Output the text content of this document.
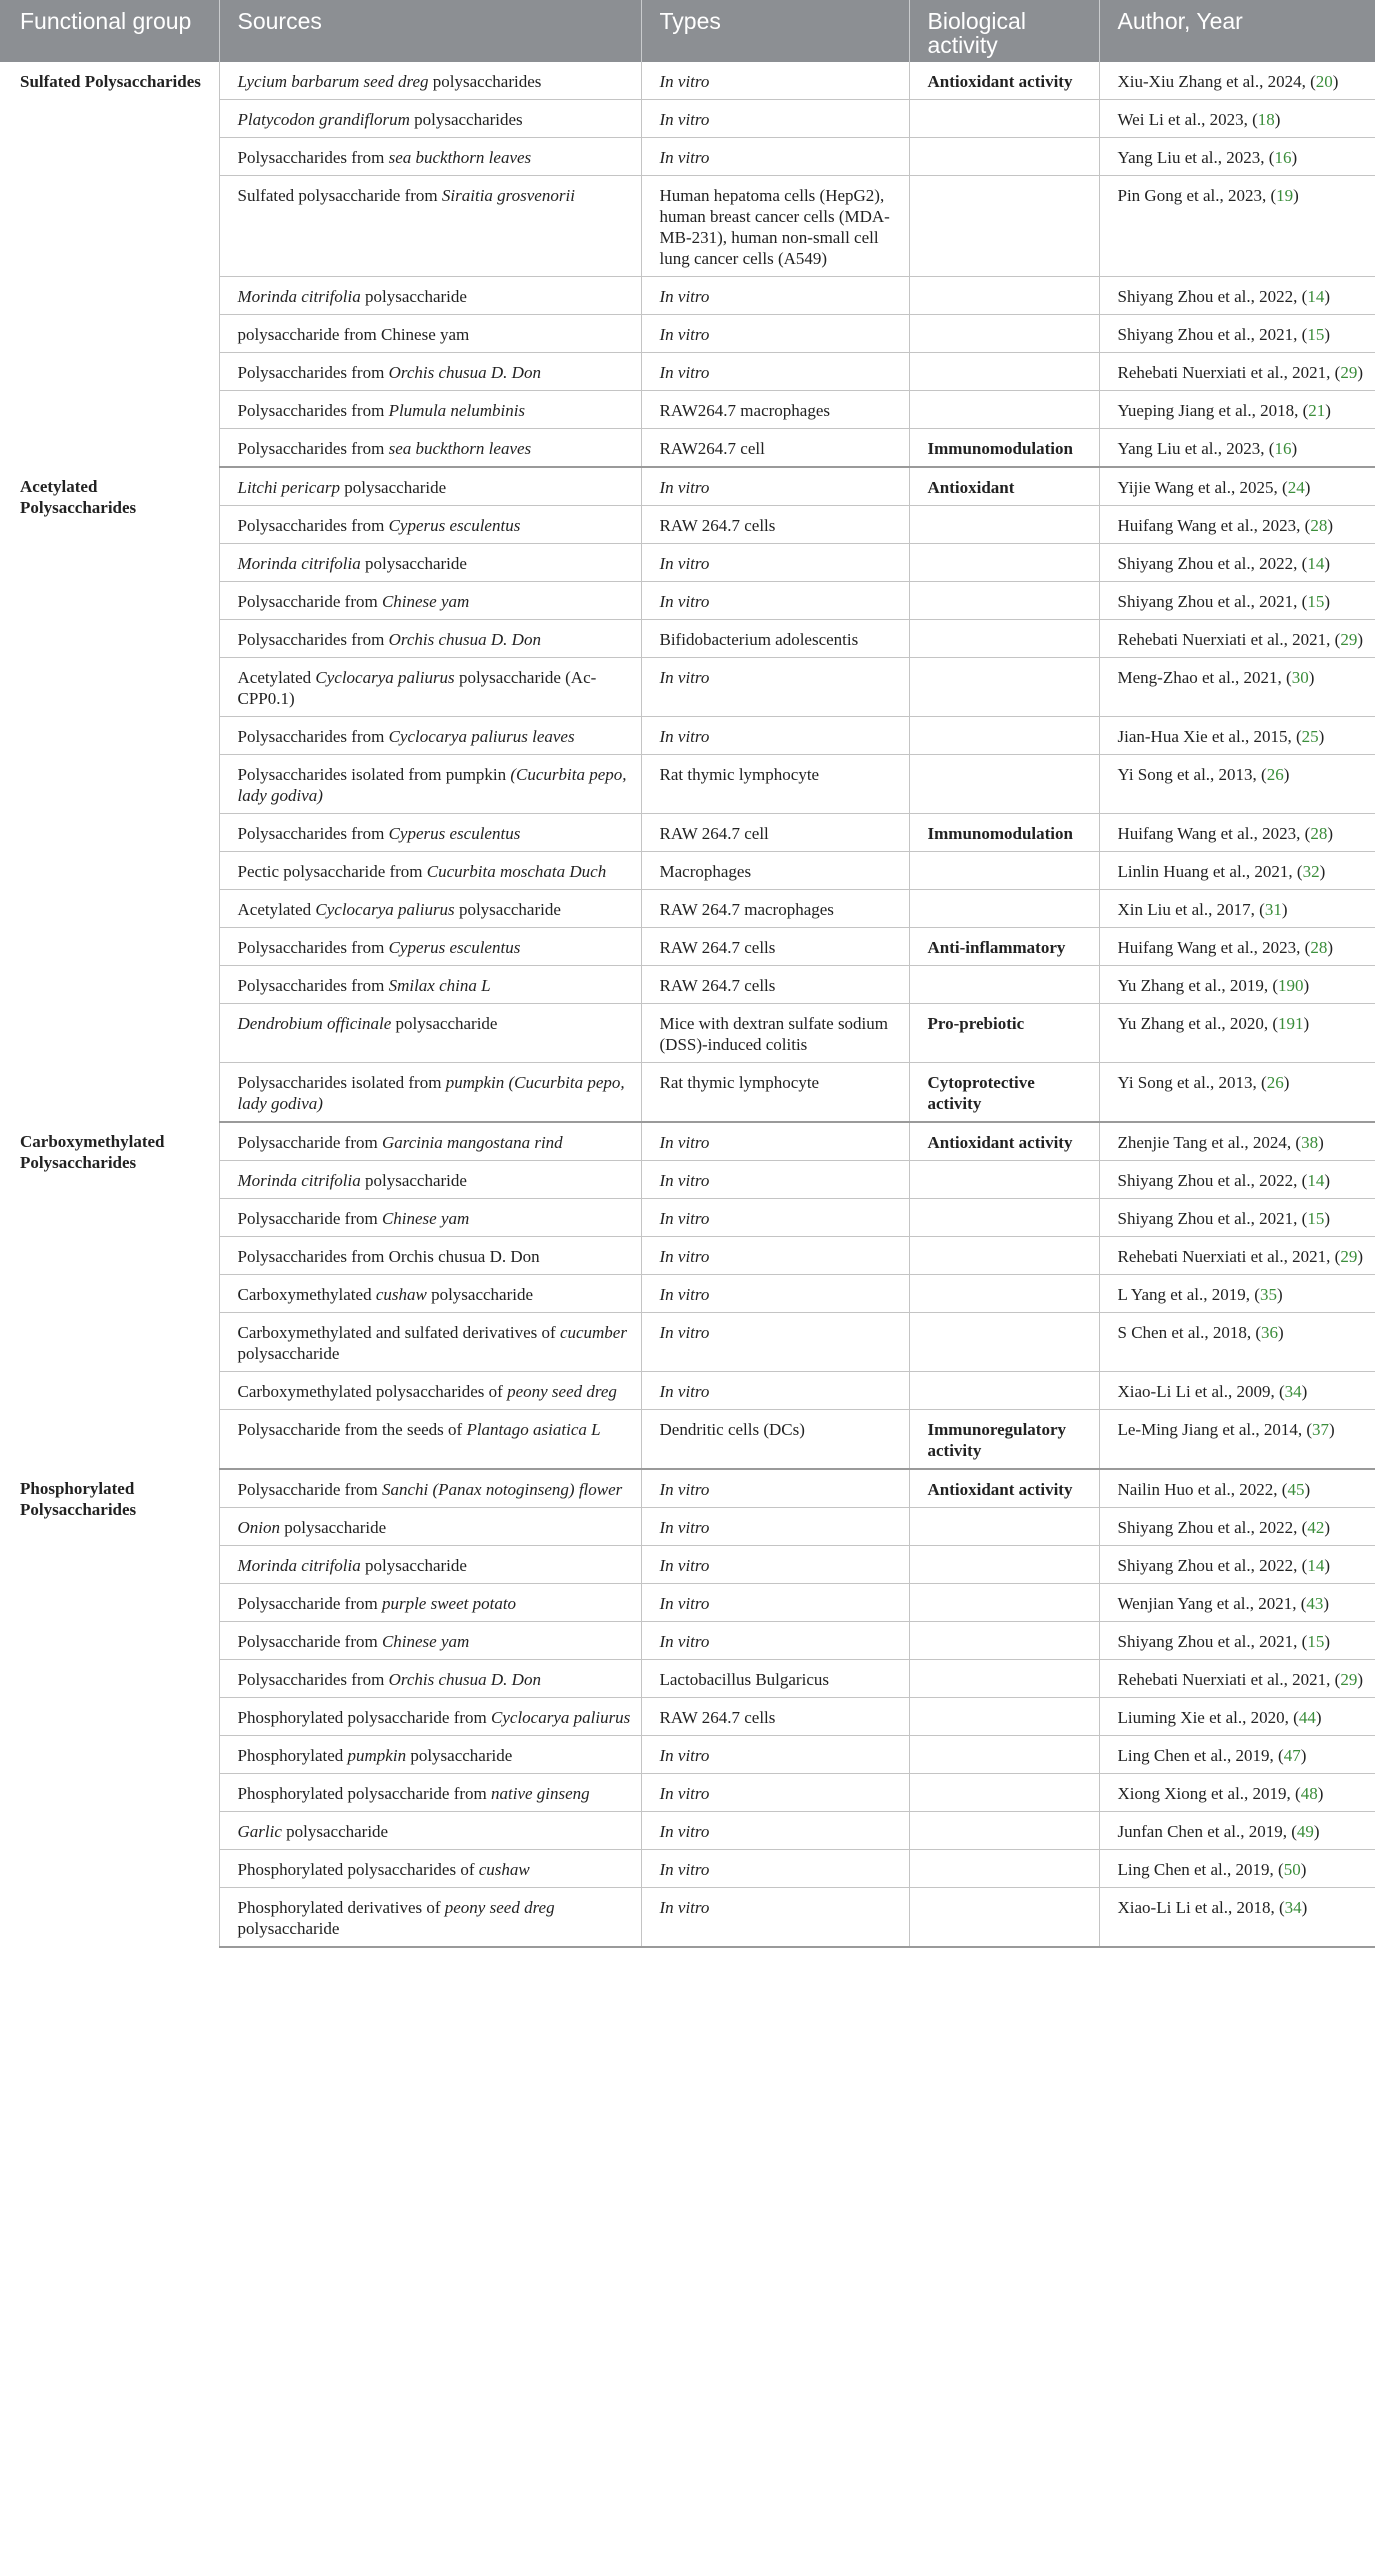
Functional group	Sources	Types	Biological activity	Author, Year
Sulfated Polysaccharides	Lycium barbarum seed dreg polysaccharides	In vitro	Antioxidant activity	Xiu-Xiu Zhang et al., 2024, (20)
	Platycodon grandiflorum polysaccharides	In vitro		Wei Li et al., 2023, (18)
	Polysaccharides from sea buckthorn leaves	In vitro		Yang Liu et al., 2023, (16)
	Sulfated polysaccharide from Siraitia grosvenorii	Human hepatoma cells (HepG2), human breast cancer cells (MDA-MB-231), human non-small cell lung cancer cells (A549)		Pin Gong et al., 2023, (19)
	Morinda citrifolia polysaccharide	In vitro		Shiyang Zhou et al., 2022, (14)
	polysaccharide from Chinese yam	In vitro		Shiyang Zhou et al., 2021, (15)
	Polysaccharides from Orchis chusua D. Don	In vitro		Rehebati Nuerxiati et al., 2021, (29)
	Polysaccharides from Plumula nelumbinis	RAW264.7 macrophages		Yueping Jiang et al., 2018, (21)
	Polysaccharides from sea buckthorn leaves	RAW264.7 cell	Immunomodulation	Yang Liu et al., 2023, (16)
Acetylated Polysaccharides	Litchi pericarp polysaccharide	In vitro	Antioxidant	Yijie Wang et al., 2025, (24)
	Polysaccharides from Cyperus esculentus	RAW 264.7 cells		Huifang Wang et al., 2023, (28)
	Morinda citrifolia polysaccharide	In vitro		Shiyang Zhou et al., 2022, (14)
	Polysaccharide from Chinese yam	In vitro		Shiyang Zhou et al., 2021, (15)
	Polysaccharides from Orchis chusua D. Don	Bifidobacterium adolescentis		Rehebati Nuerxiati et al., 2021, (29)
	Acetylated Cyclocarya paliurus polysaccharide (Ac-CPP0.1)	In vitro		Meng-Zhao et al., 2021, (30)
	Polysaccharides from Cyclocarya paliurus leaves	In vitro		Jian-Hua Xie et al., 2015, (25)
	Polysaccharides isolated from pumpkin (Cucurbita pepo, lady godiva)	Rat thymic lymphocyte		Yi Song et al., 2013, (26)
	Polysaccharides from Cyperus esculentus	RAW 264.7 cell	Immunomodulation	Huifang Wang et al., 2023, (28)
	Pectic polysaccharide from Cucurbita moschata Duch	Macrophages		Linlin Huang et al., 2021, (32)
	Acetylated Cyclocarya paliurus polysaccharide	RAW 264.7 macrophages		Xin Liu et al., 2017, (31)
	Polysaccharides from Cyperus esculentus	RAW 264.7 cells	Anti-inflammatory	Huifang Wang et al., 2023, (28)
	Polysaccharides from Smilax china L	RAW 264.7 cells		Yu Zhang et al., 2019, (190)
	Dendrobium officinale polysaccharide	Mice with dextran sulfate sodium (DSS)-induced colitis	Pro-prebiotic	Yu Zhang et al., 2020, (191)
	Polysaccharides isolated from pumpkin (Cucurbita pepo, lady godiva)	Rat thymic lymphocyte	Cytoprotective activity	Yi Song et al., 2013, (26)
Carboxymethylated Polysaccharides	Polysaccharide from Garcinia mangostana rind	In vitro	Antioxidant activity	Zhenjie Tang et al., 2024, (38)
	Morinda citrifolia polysaccharide	In vitro		Shiyang Zhou et al., 2022, (14)
	Polysaccharide from Chinese yam	In vitro		Shiyang Zhou et al., 2021, (15)
	Polysaccharides from Orchis chusua D. Don	In vitro		Rehebati Nuerxiati et al., 2021, (29)
	Carboxymethylated cushaw polysaccharide	In vitro		L Yang et al., 2019, (35)
	Carboxymethylated and sulfated derivatives of cucumber polysaccharide	In vitro		S Chen et al., 2018, (36)
	Carboxymethylated polysaccharides of peony seed dreg	In vitro		Xiao-Li Li et al., 2009, (34)
	Polysaccharide from the seeds of Plantago asiatica L	Dendritic cells (DCs)	Immunoregulatory activity	Le-Ming Jiang et al., 2014, (37)
Phosphorylated Polysaccharides	Polysaccharide from Sanchi (Panax notoginseng) flower	In vitro	Antioxidant activity	Nailin Huo et al., 2022, (45)
	Onion polysaccharide	In vitro		Shiyang Zhou et al., 2022, (42)
	Morinda citrifolia polysaccharide	In vitro		Shiyang Zhou et al., 2022, (14)
	Polysaccharide from purple sweet potato	In vitro		Wenjian Yang et al., 2021, (43)
	Polysaccharide from Chinese yam	In vitro		Shiyang Zhou et al., 2021, (15)
	Polysaccharides from Orchis chusua D. Don	Lactobacillus Bulgaricus		Rehebati Nuerxiati et al., 2021, (29)
	Phosphorylated polysaccharide from Cyclocarya paliurus	RAW 264.7 cells		Liuming Xie et al., 2020, (44)
	Phosphorylated pumpkin polysaccharide	In vitro		Ling Chen et al., 2019, (47)
	Phosphorylated polysaccharide from native ginseng	In vitro		Xiong Xiong et al., 2019, (48)
	Garlic polysaccharide	In vitro		Junfan Chen et al., 2019, (49)
	Phosphorylated polysaccharides of cushaw	In vitro		Ling Chen et al., 2019, (50)
	Phosphorylated derivatives of peony seed dreg polysaccharide	In vitro		Xiao-Li Li et al., 2018, (34)
